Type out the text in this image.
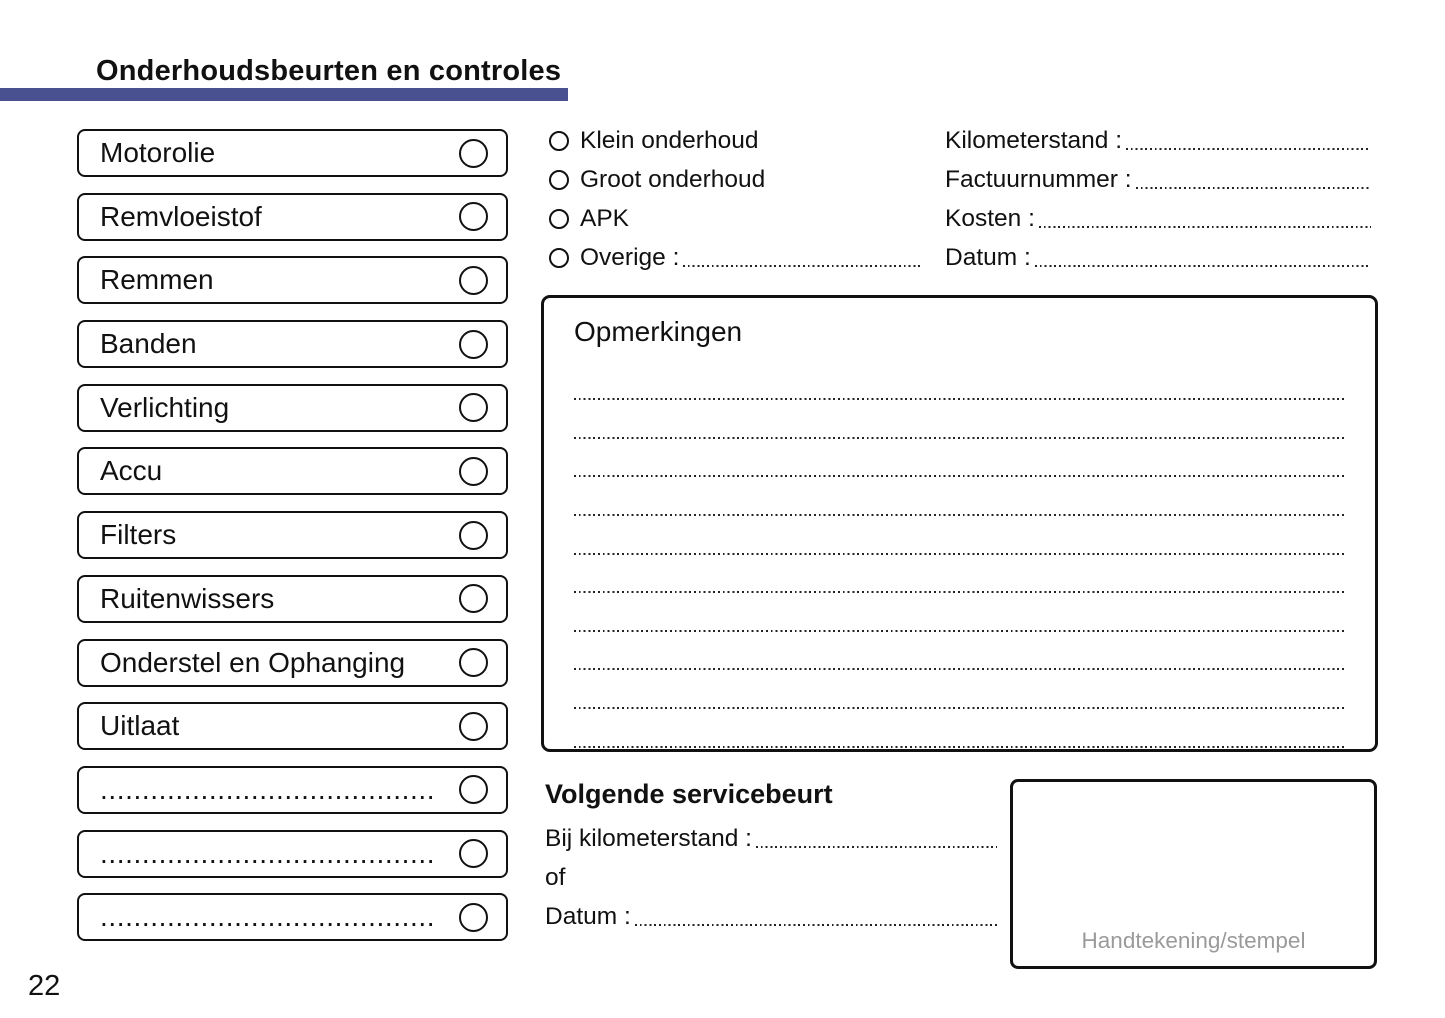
Onderhoudsbeurten en controles
Motorolie
Remvloeistof
Remmen
Banden
Verlichting
Accu
Filters
Ruitenwissers
Onderstel en Ophanging
Uitlaat
........................................
........................................
........................................
Klein onderhoud
Groot onderhoud
APK
Overige :
Kilometerstand :
Factuurnummer :
Kosten :
Datum :
Opmerkingen
Volgende servicebeurt
Bij kilometerstand :
of
Datum :
Handtekening/stempel
22
